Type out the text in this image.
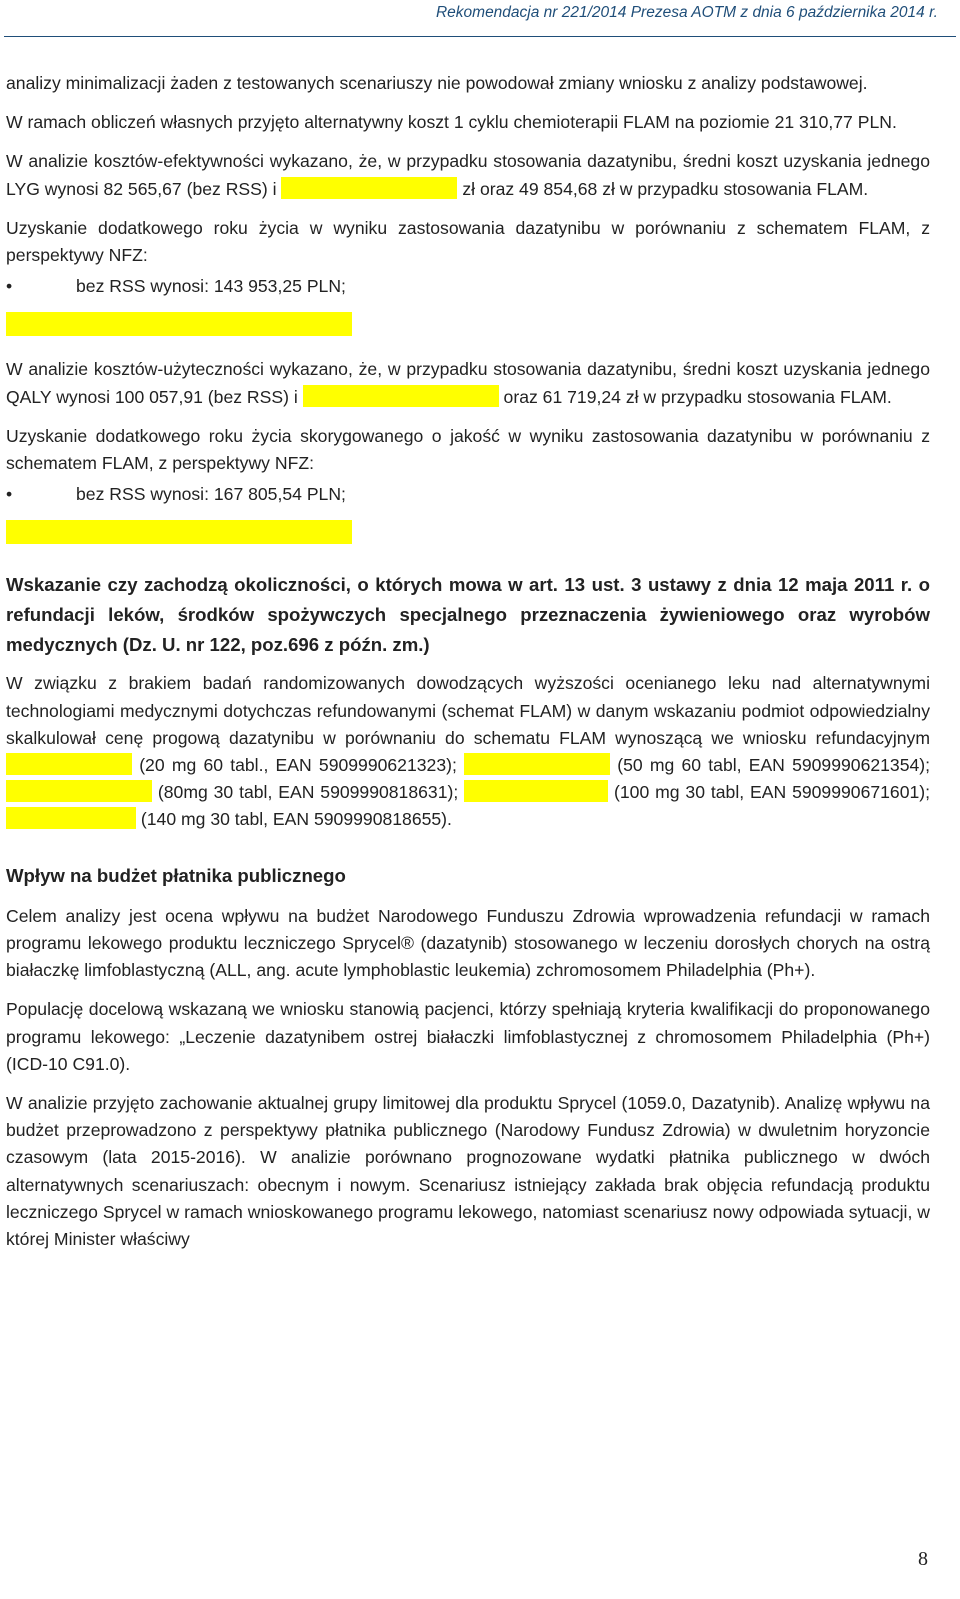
Rekomendacja nr 221/2014 Prezesa AOTM z dnia 6 października 2014 r.

analizy minimalizacji żaden z testowanych scenariuszy nie powodował zmiany wniosku z analizy podstawowej.

W ramach obliczeń własnych przyjęto alternatywny koszt 1 cyklu chemioterapii FLAM na poziomie 21 310,77 PLN.

W analizie kosztów-efektywności wykazano, że, w przypadku stosowania dazatynibu, średni koszt uzyskania jednego LYG wynosi 82 565,67 (bez RSS) i	zł oraz 49 854,68 zł w przypadku stosowania FLAM.

Uzyskanie dodatkowego roku życia w wyniku zastosowania dazatynibu w porównaniu z schematem FLAM, z perspektywy NFZ:

•	bez RSS wynosi: 143 953,25 PLN;

W analizie kosztów-użyteczności wykazano, że, w przypadku stosowania dazatynibu, średni koszt uzyskania jednego QALY wynosi 100 057,91 (bez RSS) i	oraz 61 719,24 zł w przypadku stosowania FLAM.

Uzyskanie dodatkowego roku życia skorygowanego o jakość w wyniku zastosowania dazatynibu w porównaniu z schematem FLAM, z perspektywy NFZ:

•	bez RSS wynosi: 167 805,54 PLN;
Wskazanie czy zachodzą okoliczności, o których mowa w art. 13 ust. 3 ustawy z dnia 12 maja 2011 r. o refundacji leków, środków spożywczych specjalnego przeznaczenia żywieniowego oraz wyrobów medycznych (Dz. U. nr 122, poz.696 z późn. zm.)

W związku z brakiem badań randomizowanych dowodzących wyższości ocenianego leku nad alternatywnymi technologiami medycznymi dotychczas refundowanymi (schemat FLAM) w danym wskazaniu podmiot odpowiedzialny skalkulował cenę progową dazatynibu w porównaniu do schematu FLAM wynoszącą we wniosku refundacyjnym  (20 mg 60 tabl., EAN 5909990621323);	(50 mg 60 tabl, EAN 5909990621354);  (80mg 30 tabl, EAN 5909990818631);	(100 mg 30 tabl, EAN 5909990671601);  (140 mg 30 tabl, EAN 5909990818655).

Wpływ na budżet płatnika publicznego

Celem analizy jest ocena wpływu na budżet Narodowego Funduszu Zdrowia wprowadzenia refundacji w ramach programu lekowego produktu leczniczego Sprycel® (dazatynib) stosowanego w leczeniu dorosłych chorych na ostrą białaczkę limfoblastyczną (ALL, ang. acute lymphoblastic leukemia) zchromosomem Philadelphia (Ph+).

Populację docelową wskazaną we wniosku stanowią pacjenci, którzy spełniają kryteria kwalifikacji do proponowanego programu lekowego: „Leczenie dazatynibem ostrej białaczki limfoblastycznej z chromosomem Philadelphia (Ph+) (ICD-10 C91.0).

W analizie przyjęto zachowanie aktualnej grupy limitowej dla produktu Sprycel (1059.0, Dazatynib). Analizę wpływu na budżet przeprowadzono z perspektywy płatnika publicznego (Narodowy Fundusz Zdrowia) w dwuletnim horyzoncie czasowym (lata 2015-2016). W analizie porównano prognozowane wydatki płatnika publicznego w dwóch alternatywnych scenariuszach: obecnym i nowym. Scenariusz istniejący zakłada brak objęcia refundacją produktu leczniczego Sprycel w ramach wnioskowanego programu lekowego, natomiast scenariusz nowy odpowiada sytuacji, w której Minister właściwy

8
